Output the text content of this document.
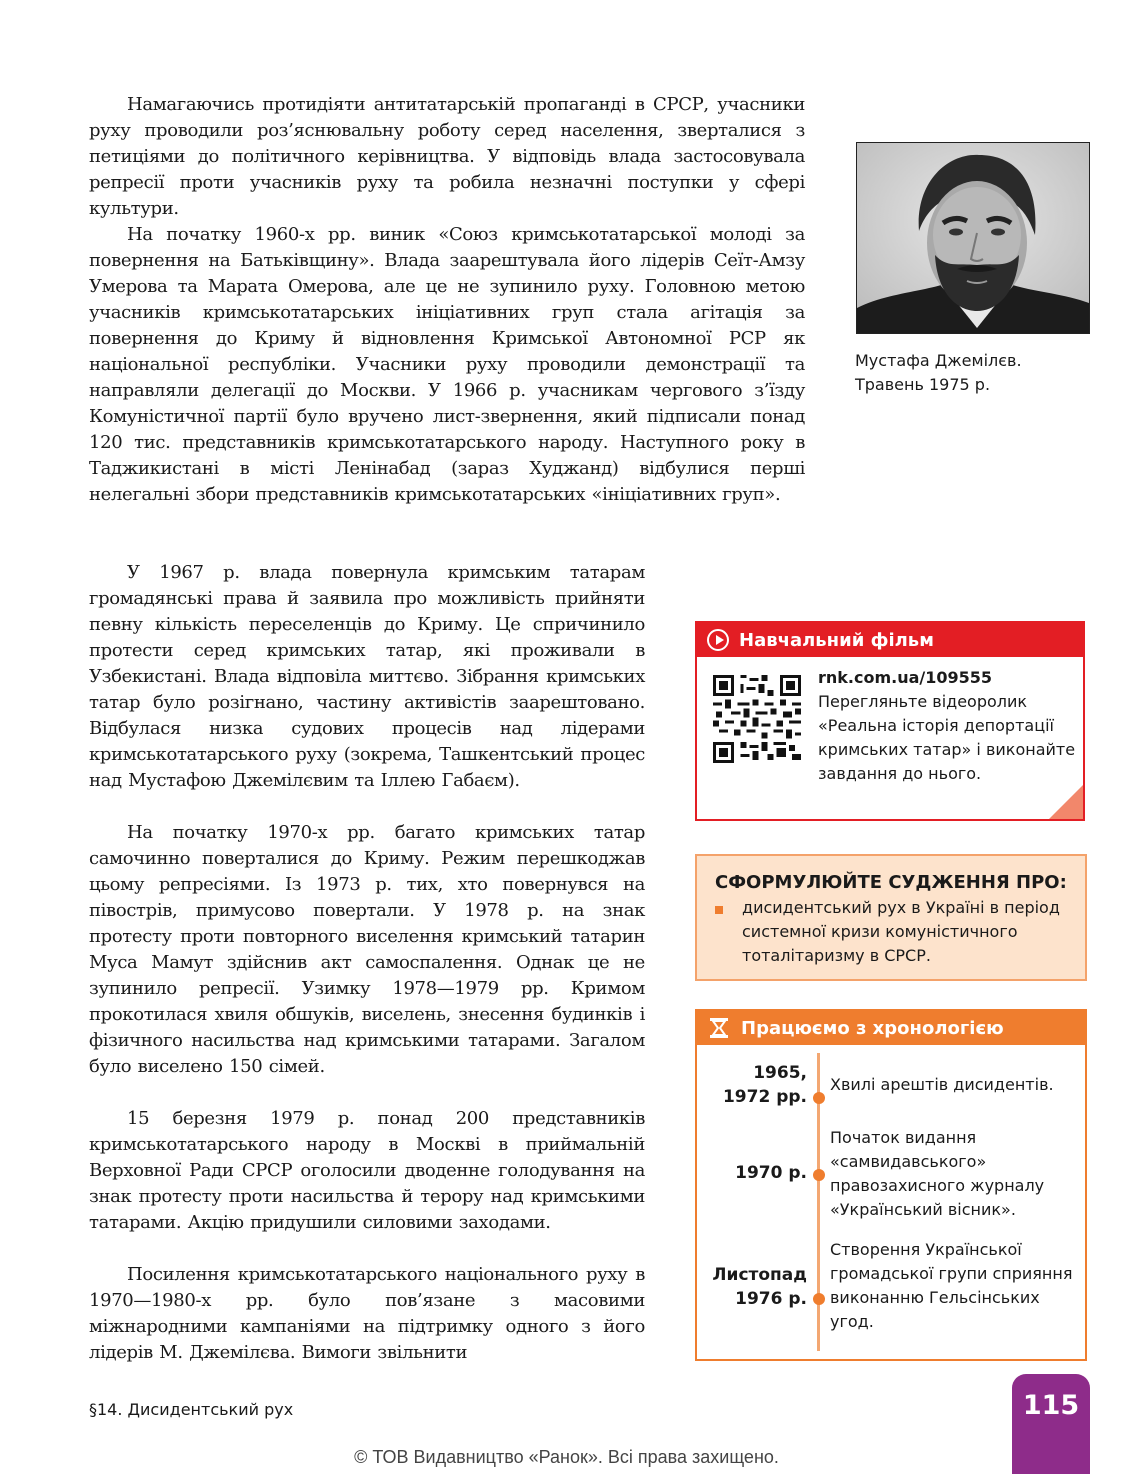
Намагаючись протидіяти антитатарській пропаганді в СРСР, учасники руху проводили роз’яснювальну роботу серед населення, зверталися з петиціями до політичного керівництва. У відповідь влада застосовувала репресії проти учасників руху та робила незначні поступки у сфері культури.

На початку 1960-х рр. виник «Союз кримськотатарської молоді за повернення на Батьківщину». Влада заарештувала його лідерів Сеїт-Амзу Умерова та Марата Омерова, але це не зупинило руху. Головною метою учасників кримськотатарських ініціативних груп стала агітація за повернення до Криму й відновлення Кримської Автономної РСР як національної республіки. Учасники руху проводили демонстрації та направляли делегації до Москви. У 1966 р. учасникам чергового з’їзду Комуністичної партії було вручено лист-звернення, який підписали понад 120 тис. представників кримськотатарського народу. Наступного року в Таджикистані в місті Ленінабад (зараз Худжанд) відбулися перші нелегальні збори представників кримськотатарських «ініціативних груп».

У 1967 р. влада повернула кримським татарам громадянські права й заявила про можливість прийняти певну кількість переселенців до Криму. Це спричинило протести серед кримських татар, які проживали в Узбекистані. Влада відповіла миттєво. Зібрання кримських татар було розігнано, частину активістів заарештовано. Відбулася низка судових процесів над лідерами кримськотатарського руху (зокрема, Ташкентський процес над Мустафою Джемілєвим та Іллею Габаєм).

На початку 1970-х рр. багато кримських татар самочинно поверталися до Криму. Режим перешкоджав цьому репресіями. Із 1973 р. тих, хто повернувся на півострів, примусово повертали. У 1978 р. на знак протесту проти повторного виселення кримський татарин Муса Мамут здійснив акт самоспалення. Однак це не зупинило репресії. Узимку 1978—1979 рр. Кримом прокотилася хвиля обшуків, виселень, знесення будинків і фізичного насильства над кримськими татарами. Загалом було виселено 150 сімей.

15 березня 1979 р. понад 200 представників кримськотатарського народу в Москві в приймальній Верховної Ради СРСР оголосили дводенне голодування на знак протесту проти насильства й терору над кримськими татарами. Акцію придушили силовими заходами.

Посилення кримськотатарського національного руху в 1970—1980-х рр. було пов’язане з масовими міжнародними кампаніями на підтримку одного з його лідерів М. Джемілєва. Вимоги звільнити

Мустафа Джемілєв.
Травень 1975 р.
Навчальний фільм
rnk.com.ua/109555
Перегляньте відеоролик «Реальна історія депортації кримських татар» і виконайте завдання до нього.
СФОРМУЛЮЙТЕ СУДЖЕННЯ ПРО:
дисидентський рух в Україні в період системної кризи комуністичного тоталітаризму в СРСР.
Працюємо з хронологією
1965,
1972 рр.
Хвилі арештів дисидентів.
1970 р.
Початок видання «самвидавського» правозахисного журналу «Український вісник».
Листопад
1976 р.
Створення Української громадської групи сприяння виконанню Гельсінських угод.
§14. Дисидентський рух	115
© ТОВ Видавництво «Ранок». Всі права захищено.
